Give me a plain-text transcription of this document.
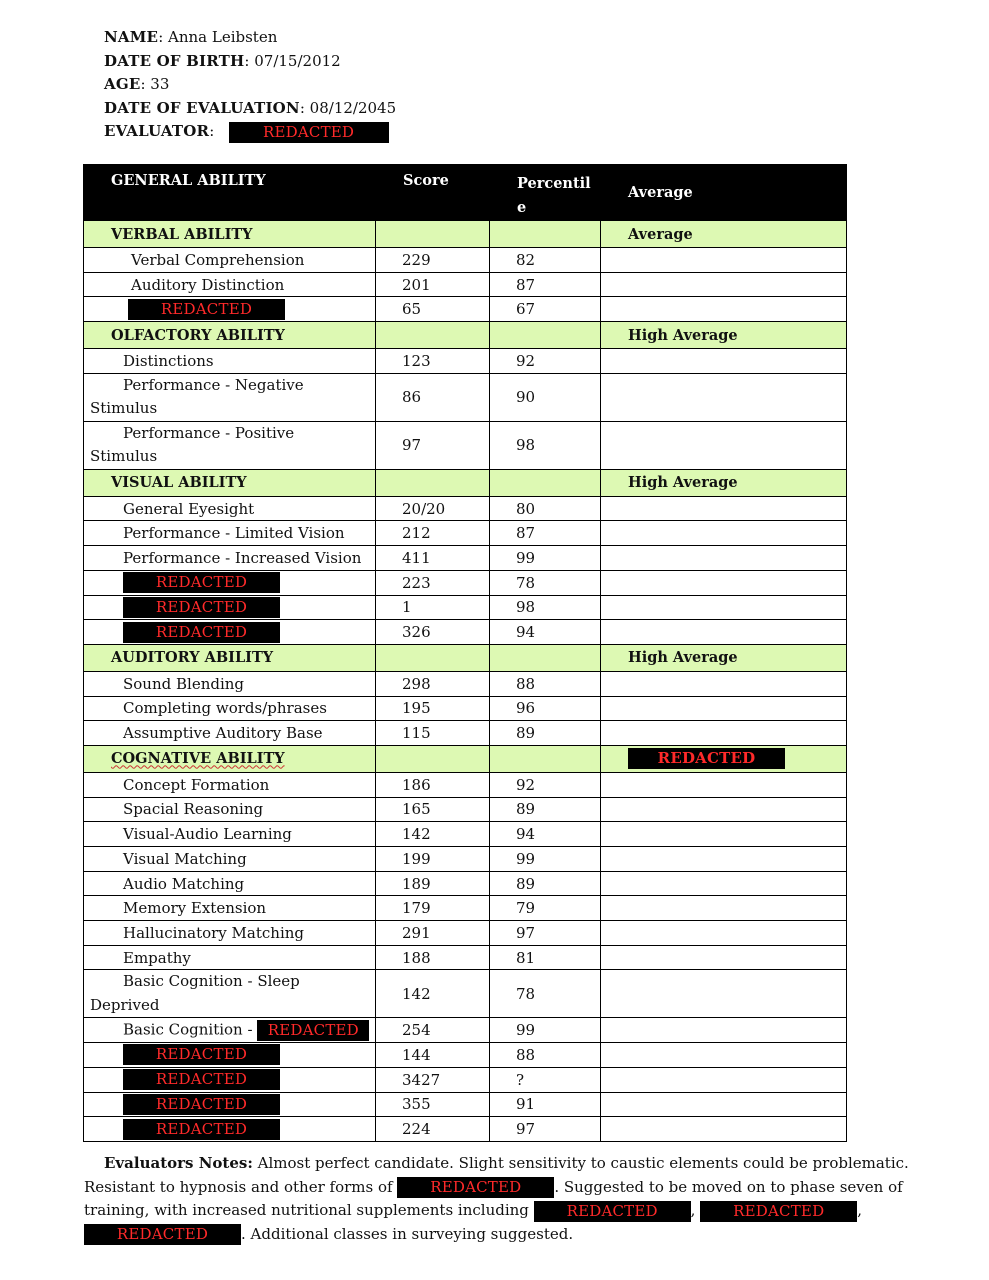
NAME: Anna Leibsten
DATE OF BIRTH: 07/15/2012
AGE: 33
DATE OF EVALUATION: 08/12/2045
EVALUATOR:	REDACTED
GENERAL ABILITY	Score	Percentil e	Average
VERBAL ABILITY			Average
Verbal Comprehension	229	82	
Auditory Distinction	201	87	
REDACTED	65	67	
OLFACTORY ABILITY			High Average
Distinctions	123	92	

Performance - Negative
Stimulus	86	90	

Performance - Positive
Stimulus	97	98	
VISUAL ABILITY			High Average
General Eyesight	20/20	80	
Performance - Limited Vision	212	87	
Performance - Increased Vision	411	99	
REDACTED	223	78	
REDACTED	1	98	
REDACTED	326	94	
AUDITORY ABILITY			High Average
Sound Blending	298	88	
Completing words/phrases	195	96	
Assumptive Auditory Base	115	89	
COGNATIVE ABILITY			REDACTED
Concept Formation	186	92	
Spacial Reasoning	165	89	
Visual-Audio Learning	142	94	
Visual Matching	199	99	
Audio Matching	189	89	
Memory Extension	179	79	
Hallucinatory Matching	291	97	
Empathy	188	81	

Basic Cognition - Sleep
Deprived	142	78	
Basic Cognition - REDACTED	254	99	
REDACTED	144	88	
REDACTED	3427	?	
REDACTED	355	91	
REDACTED	224	97	
Evaluators Notes: Almost perfect candidate. Slight sensitivity to caustic elements could be problematic. Resistant to hypnosis and other forms of REDACTED . Suggested to be moved on to phase seven of training, with increased nutritional supplements including REDACTED ,	REDACTED , REDACTED . Additional classes in surveying suggested.
